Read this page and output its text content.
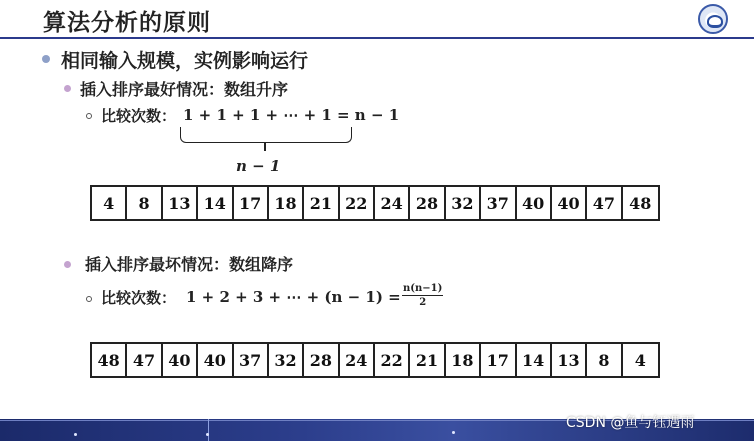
算法分析的原则
相同输入规模，实例影响运行
插入排序最好情况：数组升序
比较次数： 1 + 1 + 1 + ⋯ + 1 = n − 1
n − 1
4	8	13 14 17 18 21 22 24 28 32 37 40 40 47 48
插入排序最坏情况：数组降序
比较次数： 1 + 2 + 3 + ⋯ + $(n - 1) = \frac{n(n-1)}{2}$
48 47 40 40 37 32 28 24 22 21 18 17 14 13	8	4
CSDN @鱼与钰遇雨
